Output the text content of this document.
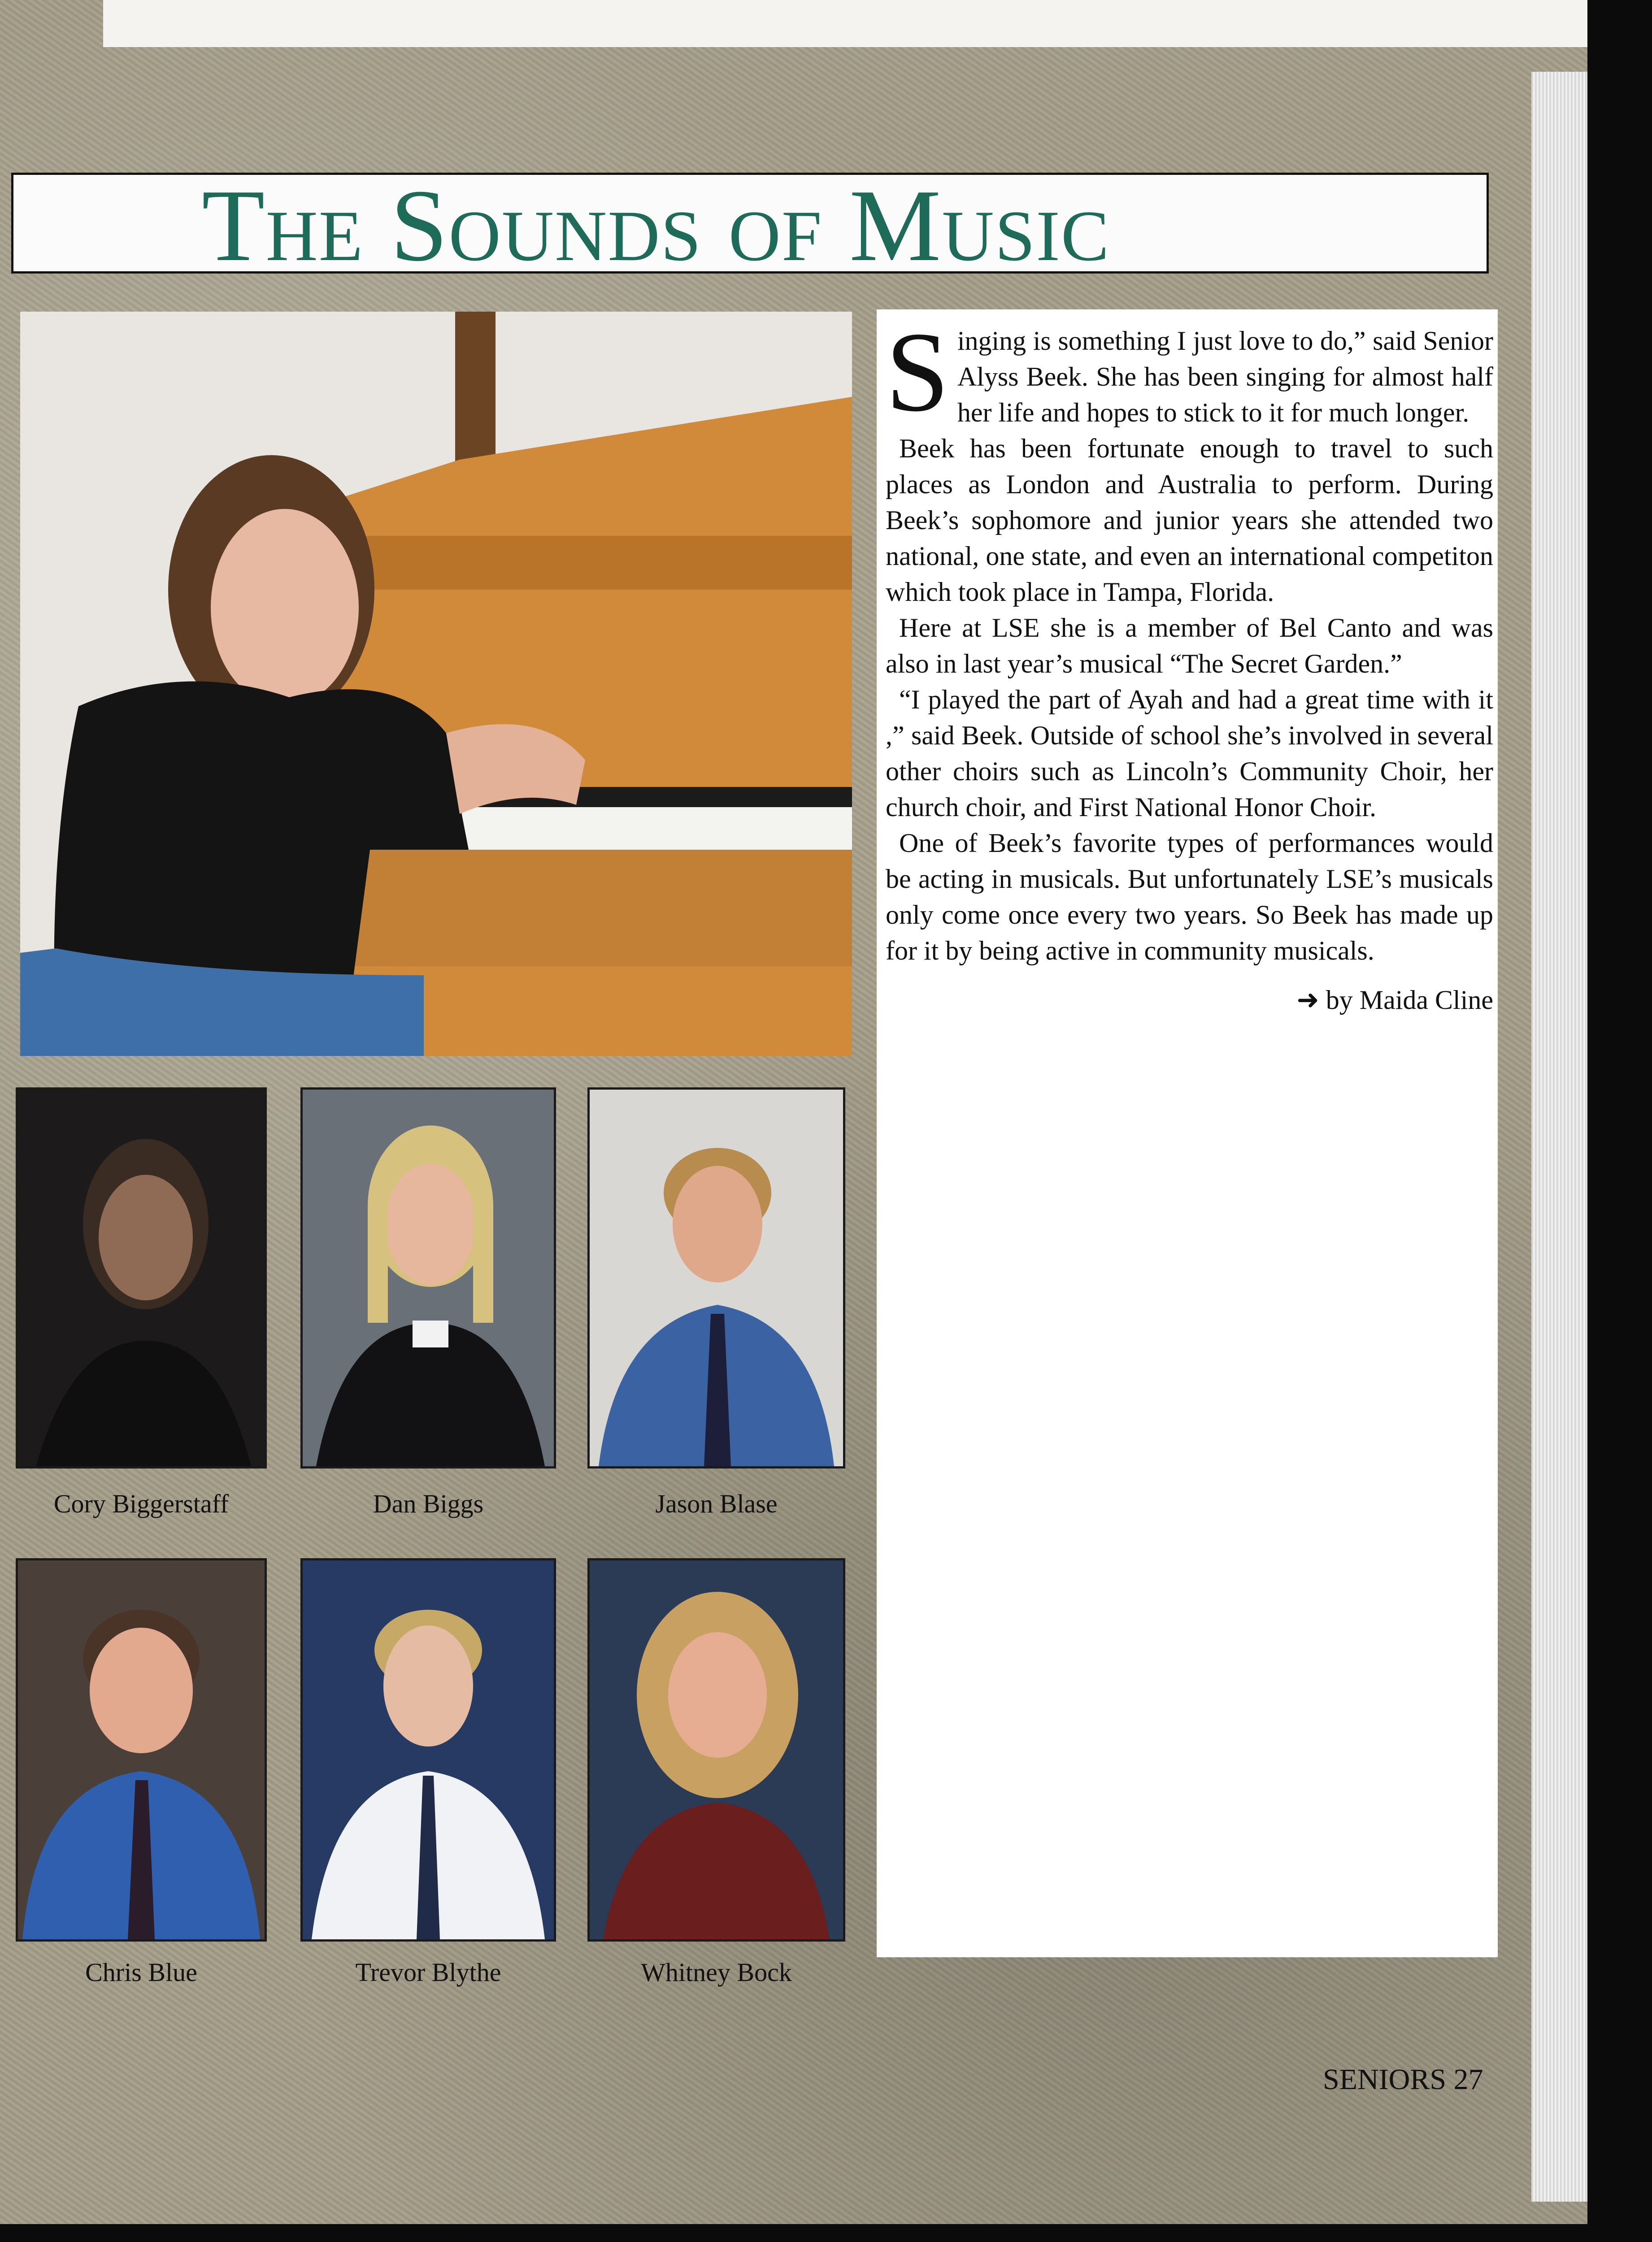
The Sounds of Music
S inging is something I just love to do,” said Senior Alyss Beek. She has been singing for almost half her life and hopes to stick to it for much longer.

Beek has been fortunate enough to travel to such places as London and Australia to perform. During Beek’s sophomore and junior years she attended two national, one state, and even an international competiton which took place in Tampa, Florida.

Here at LSE she is a member of Bel Canto and was also in last year’s musical “The Secret Garden.”

“I played the part of Ayah and had a great time with it ,” said Beek. Outside of school she’s involved in several other choirs such as Lincoln’s Community Choir, her church choir, and First National Honor Choir.

One of Beek’s favorite types of performances would be acting in musicals. But unfortunately LSE’s musicals only come once every two years. So Beek has made up for it by being active in community musicals.

➜ by Maida Cline
Cory Biggerstaff	Dan Biggs	Jason Blase
Chris Blue	Trevor Blythe	Whitney Bock
SENIORS 27
